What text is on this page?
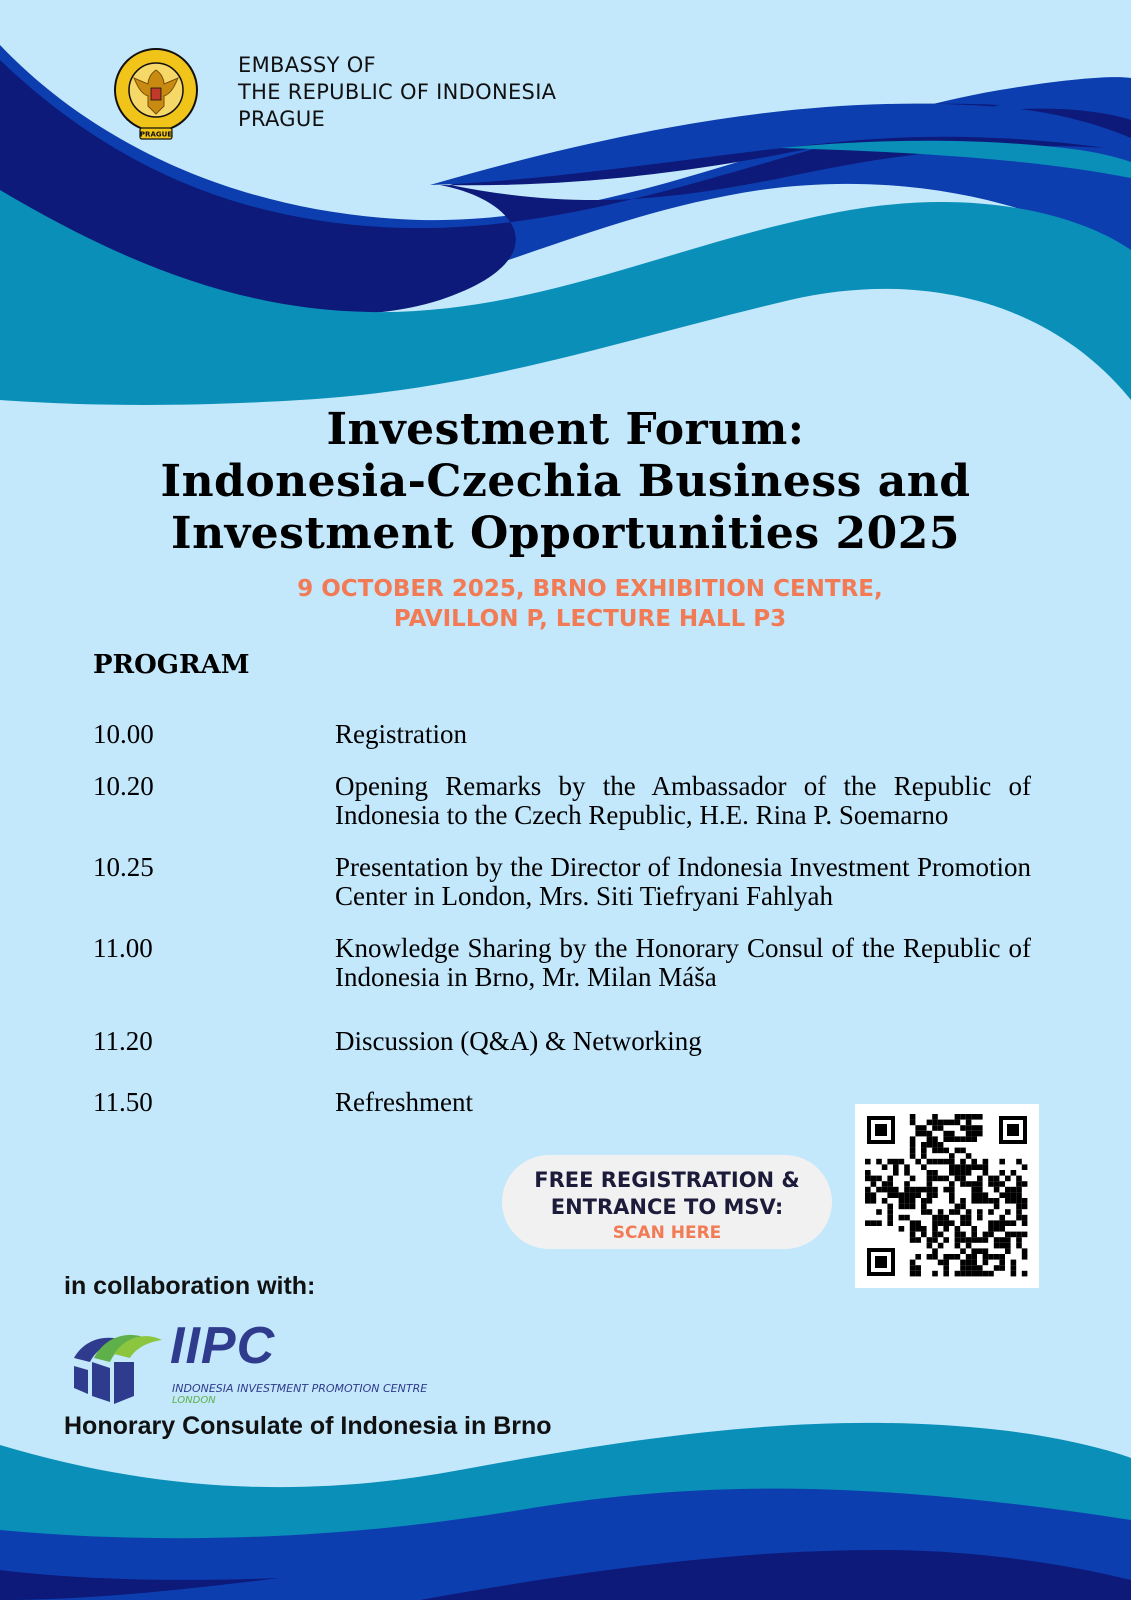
PRAGUE
EMBASSY OF
THE REPUBLIC OF INDONESIA
PRAGUE
Investment Forum:
Indonesia-Czechia Business and
Investment Opportunities 2025
9 OCTOBER 2025, BRNO EXHIBITION CENTRE,
PAVILLON P, LECTURE HALL P3
PROGRAM
10.00	Registration
10.20	Opening Remarks by the Ambassador of the Republic of Indonesia to the Czech Republic, H.E. Rina P. Soemarno
10.25	Presentation by the Director of Indonesia Investment Promotion Center in London, Mrs. Siti Tiefryani Fahlyah
11.00	Knowledge Sharing by the Honorary Consul of the Republic of Indonesia in Brno, Mr. Milan Máša
11.20	Discussion (Q&A) & Networking
11.50	Refreshment
FREE REGISTRATION &
ENTRANCE TO MSV:
SCAN HERE
in collaboration with:
IIPC
INDONESIA INVESTMENT PROMOTION CENTRE
LONDON
Honorary Consulate of Indonesia in Brno
